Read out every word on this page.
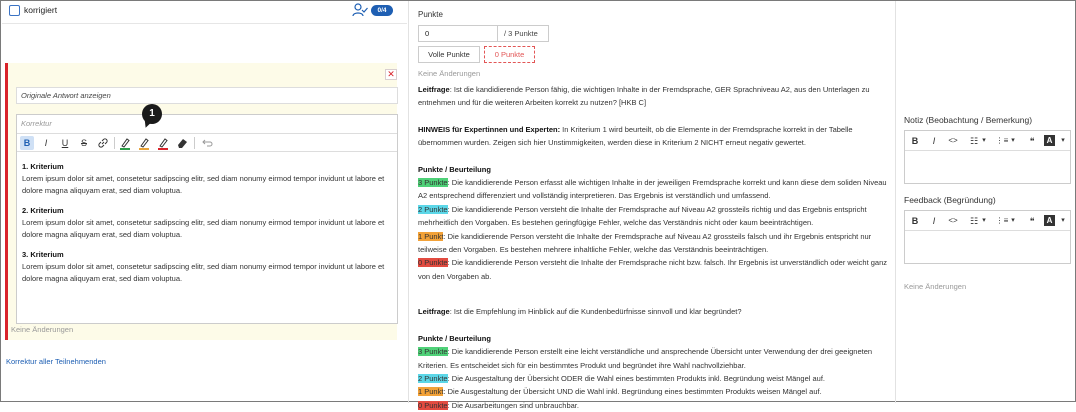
korrigiert	0/4
✕
Originale Antwort anzeigen
Korrektur
B	I	U	S
1. Kriterium
Lorem ipsum dolor sit amet, consetetur sadipscing elitr, sed diam nonumy eirmod tempor invidunt ut labore et dolore magna aliquyam erat, sed diam voluptua.
2. Kriterium
Lorem ipsum dolor sit amet, consetetur sadipscing elitr, sed diam nonumy eirmod tempor invidunt ut labore et dolore magna aliquyam erat, sed diam voluptua.
3. Kriterium
Lorem ipsum dolor sit amet, consetetur sadipscing elitr, sed diam nonumy eirmod tempor invidunt ut labore et dolore magna aliquyam erat, sed diam voluptua.
1
Keine Änderungen
Korrektur aller Teilnehmenden
Punkte
0	/ 3 Punkte
Volle Punkte	0 Punkte
Keine Änderungen
Leitfrage: Ist die kandidierende Person fähig, die wichtigen Inhalte in der Fremdsprache, GER Sprachniveau A2, aus den Unterlagen zu entnehmen und für die weiteren Arbeiten korrekt zu nutzen? [HKB C]
HINWEIS für Expertinnen und Experten: In Kriterium 1 wird beurteilt, ob die Elemente in der Fremdsprache korrekt in der Tabelle übernommen wurden. Zeigen sich hier Unstimmigkeiten, werden diese in Kriterium 2 NICHT erneut negativ gewertet.
Punkte / Beurteilung
3 Punkte: Die kandidierende Person erfasst alle wichtigen Inhalte in der jeweiligen Fremdsprache korrekt und kann diese dem soliden Niveau A2 entsprechend differenziert und vollständig interpretieren. Das Ergebnis ist verständlich und umfassend.
2 Punkte: Die kandidierende Person versteht die Inhalte der Fremdsprache auf Niveau A2 grossteils richtig und das Ergebnis entspricht mehrheitlich den Vorgaben. Es bestehen geringfügige Fehler, welche das Verständnis nicht oder kaum beeinträchtigen.
1 Punkt: Die kandidierende Person versteht die Inhalte der Fremdsprache auf Niveau A2 grossteils falsch und ihr Ergebnis entspricht nur teilweise den Vorgaben. Es bestehen mehrere inhaltliche Fehler, welche das Verständnis beeinträchtigen.
0 Punkte: Die kandidierende Person versteht die Inhalte der Fremdsprache nicht bzw. falsch. Ihr Ergebnis ist unverständlich oder weicht ganz von den Vorgaben ab.
Leitfrage: Ist die Empfehlung im Hinblick auf die Kundenbedürfnisse sinnvoll und klar begründet?
Punkte / Beurteilung
3 Punkte: Die kandidierende Person erstellt eine leicht verständliche und ansprechende Übersicht unter Verwendung der drei geeigneten Kriterien. Es entscheidet sich für ein bestimmtes Produkt und begründet ihre Wahl nachvollziehbar.
2 Punkte: Die Ausgestaltung der Übersicht ODER die Wahl eines bestimmten Produkts inkl. Begründung weist Mängel auf.
1 Punkt: Die Ausgestaltung der Übersicht UND die Wahl inkl. Begründung eines bestimmten Produkts weisen Mängel auf.
0 Punkte: Die Ausarbeitungen sind unbrauchbar.
Notiz (Beobachtung / Bemerkung)
B	I	<>	☷ ▾	⋮≡ ▾	❝	A	▾
Feedback (Begründung)
B	I	<>	☷ ▾	⋮≡ ▾	❝	A	▾
Keine Änderungen
